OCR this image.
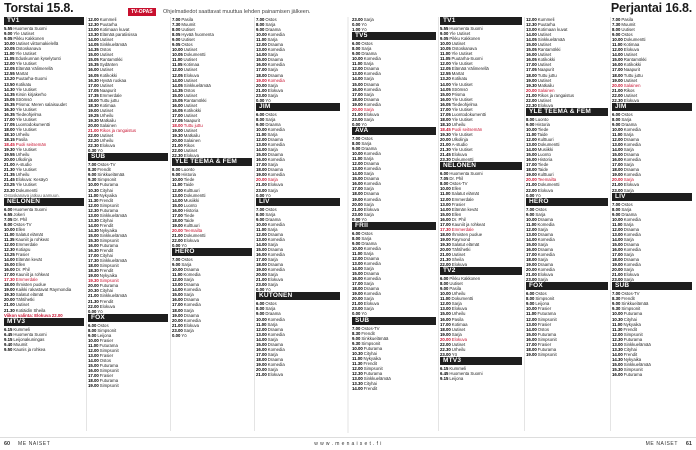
Torstai 15.8.	TV-OPAS Ohjelmatiedot saattavat muuttua lehden painamisen jälkeen.	Perjantai 16.8.
TV1
5.55Huomenta Suomi
9.00Yle Uutiset
9.05Pikku Kakkonen
10.00Uutiset viittomakielellä
10.05Ostoskanava
11.00Yle Uutiset
11.05Eduskunnan kyselytunti
12.00Yle Uutiset
12.05Elämää Välimerellä
12.55Martat
13.20Puutarha-Suomi
13.50Kotikatu
14.30Yle Uutiset
14.35Kirsin kirjakerho
15.05Strömsö
15.35Prisma: Meren salaisuudet
16.30Yle Uutiset
16.35Tiedeohjelma
17.00Yle Uutiset
17.05Luontodokumentti
18.00Yle Uutiset
18.10Urheilu
18.15Pasila
18.45Puoli seitsemän
19.30Yle Uutiset
19.55Urheilu
20.00Ulkolinja
21.00A-studio
21.30Yle Uutiset
21.35Urheilu
21.45Elokuva: Kesäyö
23.25Yle Uutiset
23.30Dokumentti
Ostoskanava jatkuu aamuun.
NELONEN
6.00Huomenta Suomi
6.55Jokeri
7.05Dr. Phil
8.00Ostos-TV
10.00Ellen
11.00Salatut elämät
11.35Kauniit ja rohkeat
12.00Emmerdale
12.30Kotiapu
13.25Frasier
14.00Elämän kevät
15.00Ellen
16.00Dr. Phil
17.00Kauniit ja rohkeat
17.30Emmerdale
18.00Ihmisten puolue
19.00Kaikki rakastavat Raymondia
19.30Salatut elämät
20.00Tähtihetki
21.00Uutiset
21.30Kotiäidin Sheila
Viikon valinta: Elokuva 22.00
MTV3
6.15Kummeli
6.45Huomenta Suomi
9.15Leijonakuningas
9.40Muumit
9.50Kaunis ja rohkea
12.00Kummeli
12.30Puutarha
13.00Kotimaan kuvat
13.30Elämää paratiisissa
14.00Uutiset
14.05Sinkkuelämää
14.35Ostos
15.00Uutiset
15.05Rantamökki
15.35Sydänten
16.00Uutiset
16.05Kotikokki
16.30Hyvää ruokaa
17.00Uutiset
17.05Naapurit
17.35Emmerdale
18.00Tuttu juttu
18.30Kotimaa
19.00Uutiset
19.25Urheilu
19.30Matkailu
20.00Salainen
21.00Rikos ja rangaistus
22.00Uutiset
22.20Urheilu
22.30Elokuva
0.30Yö
SUB
7.00Ostos-TV
8.30Frendit
9.00Sinkkuelämää
9.30Simpsonit
10.00Futurama
10.30Cityhai
11.00Nykyaika
11.30Frendit
12.00Simpsonit
12.30Futurama
13.00Sinkkuelämää
13.30Cityhai
14.00Frendit
14.30Nykyaika
15.00Sinkkuelämää
15.30Simpsonit
16.00Futurama
16.30Frendit
17.00Cityhai
17.30Sinkkuelämää
18.00Simpsonit
18.30Frendit
19.00Nykyaika
19.30Simpsonit
20.00Futurama
20.30Cityhai
21.00Sinkkuelämää
21.30Frendit
22.00Elokuva
0.00Yö
FOX
6.00Ostos
8.00Simpsonit
9.00Leijona
10.00Frasier
11.00Futurama
12.00Simpsonit
13.00Frasier
14.00Ostos
15.00Futurama
16.00Simpsonit
17.00Frasier
18.00Futurama
19.00Simpsonit
7.00Pasila
7.30Muumit
8.00Uutiset
8.05Hyvää huomenta
9.00Uutiset
9.05Ostos
10.00Uutiset
10.05Dokumentti
11.00Uutiset
11.05Kotimaa
12.00Uutiset
12.05Elokuva
14.00Uutiset
14.05Sinkkuelämää
14.35Ostos
15.00Uutiset
15.05Rantamökki
16.00Uutiset
16.05Kotikokki
17.00Uutiset
17.05Naapurit
18.00Tuttu juttu
19.00Uutiset
19.30Matkailu
20.00Salainen
21.00Rikos
22.00Uutiset
22.30Elokuva
YLE TEEMA & FEM
8.00Luonto
9.00Historia
10.00Tiede
11.00Taide
12.00Kulttuuri
13.00Dokumentti
14.00Musiikki
15.00Luonto
16.00Historia
17.00Tiede
18.00Taide
19.00Kulttuuri
20.00Teemailta
21.00Dokumentti
22.00Elokuva
0.00Yö
HERO
7.00Ostos
9.00Sarja
10.00Draama
11.00Komedia
12.00Sarja
13.00Draama
14.00Komedia
15.00Sarja
16.00Draama
17.00Komedia
18.00Sarja
19.00Draama
20.00Komedia
21.00Elokuva
23.00Sarja
0.00Yö
7.00Ostos
8.00Sarja
9.00Draama
10.00Komedia
11.00Sarja
12.00Draama
13.00Komedia
14.00Sarja
15.00Draama
16.00Komedia
17.00Sarja
18.00Draama
19.00Komedia
20.00Sarja
21.00Elokuva
23.00Sarja
0.00Yö
JIM
6.00Ostos
8.00Sarja
9.00Draama
10.00Komedia
11.00Sarja
12.00Draama
13.00Komedia
14.00Sarja
15.00Draama
16.00Komedia
17.00Sarja
18.00Draama
19.00Komedia
20.00Sarja
21.00Elokuva
23.00Sarja
0.00Yö
LIV
7.00Ostos
8.00Sarja
9.00Draama
10.00Komedia
11.00Sarja
12.00Draama
13.00Komedia
14.00Sarja
15.00Draama
16.00Komedia
17.00Sarja
18.00Draama
19.00Komedia
20.00Sarja
21.00Elokuva
23.00Sarja
0.00Yö
KUTONEN
6.00Ostos
8.00Sarja
9.00Draama
10.00Komedia
11.00Sarja
12.00Draama
13.00Komedia
14.00Sarja
15.00Draama
16.00Komedia
17.00Sarja
18.00Draama
19.00Komedia
20.00Sarja
21.00Elokuva
23.00Sarja
0.00Yö
1.00Yö
TV5
6.00Ostos
8.00Sarja
9.00Draama
10.00Komedia
11.00Sarja
12.00Draama
13.00Komedia
14.00Sarja
15.00Draama
16.00Komedia
17.00Sarja
18.00Draama
19.00Komedia
20.00Sarja
21.00Elokuva
23.00Sarja
0.00Yö
AVA
7.00Ostos
8.00Sarja
9.00Draama
10.00Komedia
11.00Sarja
12.00Draama
13.00Komedia
14.00Sarja
15.00Draama
16.00Komedia
17.00Sarja
18.00Draama
19.00Komedia
20.00Sarja
21.00Elokuva
23.00Sarja
0.00Yö
FRII
6.00Ostos
8.00Sarja
9.00Draama
10.00Komedia
11.00Sarja
12.00Draama
13.00Komedia
14.00Sarja
15.00Draama
16.00Komedia
17.00Sarja
18.00Draama
19.00Komedia
20.00Sarja
21.00Elokuva
23.00Sarja
0.00Yö
SUB
7.00Ostos-TV
8.30Frendit
9.00Sinkkuelämää
9.30Simpsonit
10.00Futurama
10.30Cityhai
11.00Nykyaika
11.30Frendit
12.00Simpsonit
12.30Futurama
13.00Sinkkuelämää
13.30Cityhai
14.00Frendit
TV1
5.55Huomenta Suomi
9.00Yle Uutiset
9.05Pikku Kakkonen
10.00Uutiset
10.05Ostoskanava
11.00Yle Uutiset
11.05Puutarha-Suomi
12.00Yle Uutiset
12.05Elämää Välimerellä
12.55Martat
13.20Kotikatu
14.00Yle Uutiset
14.05Strömsö
15.00Prisma
16.00Yle Uutiset
16.05Tiedeohjelma
17.00Yle Uutiset
17.05Luontodokumentti
18.00Yle Uutiset
18.10Urheilu
18.45Puoli seitsemän
19.30Yle Uutiset
20.00Ulkolinja
21.00A-studio
21.30Yle Uutiset
21.45Elokuva
23.30Dokumentti
NELONEN
6.00Huomenta Suomi
7.05Dr. Phil
8.00Ostos-TV
10.00Ellen
11.00Salatut elämät
12.00Emmerdale
13.00Frasier
14.00Elämän kevät
15.00Ellen
16.00Dr. Phil
17.00Kauniit ja rohkeat
17.30Emmerdale
18.00Ihmisten puolue
19.00Raymond
19.30Salatut elämät
20.00Tähtihetki
21.00Uutiset
21.30Sheila
22.00Elokuva
TV2
6.00Pikku Kakkonen
8.00Uutiset
9.00Pasila
10.00Urheilu
11.00Dokumentti
12.00Sarja
13.00Elokuva
15.00Urheilu
16.00Pasila
17.00Kotimaa
18.00Uutiset
19.00Sarja
20.00Elokuva
22.00Uutiset
22.30Urheilu
23.00Yö
MTV3
6.15Kummeli
6.45Huomenta Suomi
9.15Leijona
12.00Kummeli
12.30Puutarha
13.00Kotimaan kuvat
14.00Uutiset
14.05Sinkkuelämää
15.00Uutiset
15.05Rantamökki
16.00Uutiset
16.05Kotikokki
17.00Uutiset
17.05Naapurit
18.00Tuttu juttu
19.00Uutiset
19.30Matkailu
20.00Salainen
21.00Rikos ja rangaistus
22.00Uutiset
22.30Elokuva
YLE TEEMA & FEM
8.00Luonto
9.00Historia
10.00Tiede
11.00Taide
12.00Kulttuuri
13.00Dokumentti
14.00Musiikki
15.00Luonto
16.00Historia
17.00Tiede
18.00Taide
19.00Kulttuuri
20.00Teemailta
21.00Dokumentti
22.00Elokuva
0.00Yö
HERO
7.00Ostos
9.00Sarja
10.00Draama
11.00Komedia
12.00Sarja
13.00Draama
14.00Komedia
15.00Sarja
16.00Draama
17.00Komedia
18.00Sarja
19.00Draama
20.00Komedia
21.00Elokuva
23.00Sarja
FOX
6.00Ostos
8.00Simpsonit
9.00Leijona
10.00Frasier
11.00Futurama
12.00Simpsonit
13.00Frasier
14.00Ostos
15.00Futurama
16.00Simpsonit
17.00Frasier
18.00Futurama
19.00Simpsonit
7.00Pasila
7.30Muumit
8.00Uutiset
9.00Ostos
10.00Dokumentti
11.00Kotimaa
12.00Elokuva
14.00Uutiset
15.00Rantamökki
16.00Kotikokki
17.00Naapurit
18.00Tuttu juttu
19.00Uutiset
20.00Salainen
21.00Rikos
22.00Uutiset
22.30Elokuva
JIM
6.00Ostos
8.00Sarja
9.00Draama
10.00Komedia
11.00Sarja
12.00Draama
13.00Komedia
14.00Sarja
15.00Draama
16.00Komedia
17.00Sarja
18.00Draama
19.00Komedia
20.00Sarja
21.00Elokuva
23.00Sarja
LIV
7.00Ostos
8.00Sarja
9.00Draama
10.00Komedia
11.00Sarja
12.00Draama
13.00Komedia
14.00Sarja
15.00Draama
16.00Komedia
17.00Sarja
18.00Draama
19.00Komedia
20.00Sarja
21.00Elokuva
23.00Sarja
SUB
7.00Ostos-TV
8.30Frendit
9.00Sinkkuelämää
9.30Simpsonit
10.00Futurama
10.30Cityhai
11.00Nykyaika
11.30Frendit
12.00Simpsonit
12.30Futurama
13.00Sinkkuelämää
13.30Cityhai
14.00Frendit
14.30Nykyaika
15.00Sinkkuelämää
15.30Simpsonit
16.00Futurama
60 ME NAISET	w w w . m e n a i s e t . f i	ME NAISET 61
